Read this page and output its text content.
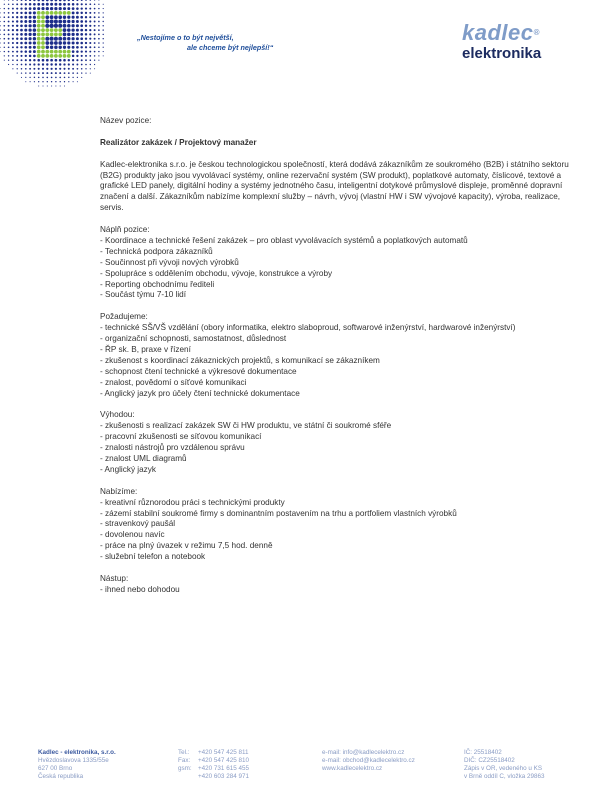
„Nestojíme o to být největší,
ale chceme být nejlepší!“
kadlec®
elektronika

Název pozice:

Realizátor zakázek / Projektový manažer

Kadlec-elektronika s.r.o. je českou technologickou společností, která dodává zákazníkům ze soukromého (B2B) i státního sektoru (B2G) produkty jako jsou vyvolávací systémy, online rezervační systém (SW produkt), poplatkové automaty, číslicové, textové a grafické LED panely, digitální hodiny a systémy jednotného času, inteligentní dotykové průmyslové displeje, proměnné dopravní značení a další. Zákazníkům nabízíme komplexní služby – návrh, vývoj (vlastní HW i SW vývojové kapacity), výroba, realizace, servis.

Náplň pozice:

- Koordinace a technické řešení zakázek – pro oblast vyvolávacích systémů a poplatkových automatů

- Technická podpora zákazníků

- Součinnost při vývoji nových výrobků

- Spolupráce s oddělením obchodu, vývoje, konstrukce a výroby

- Reporting obchodnímu řediteli

- Součást týmu 7-10 lidí

Požadujeme:

- technické SŠ/VŠ vzdělání (obory informatika, elektro slaboproud, softwarové inženýrství, hardwarové inženýrství)

- organizační schopnosti, samostatnost, důslednost

- ŘP sk. B, praxe v řízení

- zkušenost s koordinací zákaznických projektů, s komunikací se zákazníkem

- schopnost čtení technické a výkresové dokumentace

- znalost, povědomí o síťové komunikaci

- Anglický jazyk pro účely čtení technické dokumentace

Výhodou:

- zkušenosti s realizací zakázek SW či HW produktu, ve státní či soukromé sféře

- pracovní zkušenosti se síťovou komunikací

- znalosti nástrojů pro vzdálenou správu

- znalost UML diagramů

- Anglický jazyk

Nabízíme:

- kreativní různorodou práci s technickými produkty

- zázemí stabilní soukromé firmy s dominantním postavením na trhu a portfoliem vlastních výrobků

- stravenkový paušál

- dovolenou navíc

- práce na plný úvazek v režimu 7,5 hod. denně

- služební telefon a notebook

Nástup:

- ihned nebo dohodou

Kadlec - elektronika, s.r.o.
Hvězdoslavova 1335/55e
627 00 Brno
Česká republika
Tel.: +420 547 425 811
Fax: +420 547 425 810
gsm: +420 731 615 455
+420 603 284 971
e-mail: info@kadlecelektro.cz
e-mail: obchod@kadlecelektro.cz
www.kadlecelektro.cz
IČ: 25518402
DIČ: CZ25518402
Zápis v OR, vedeného u KS
v Brně oddíl C, vložka 29863
